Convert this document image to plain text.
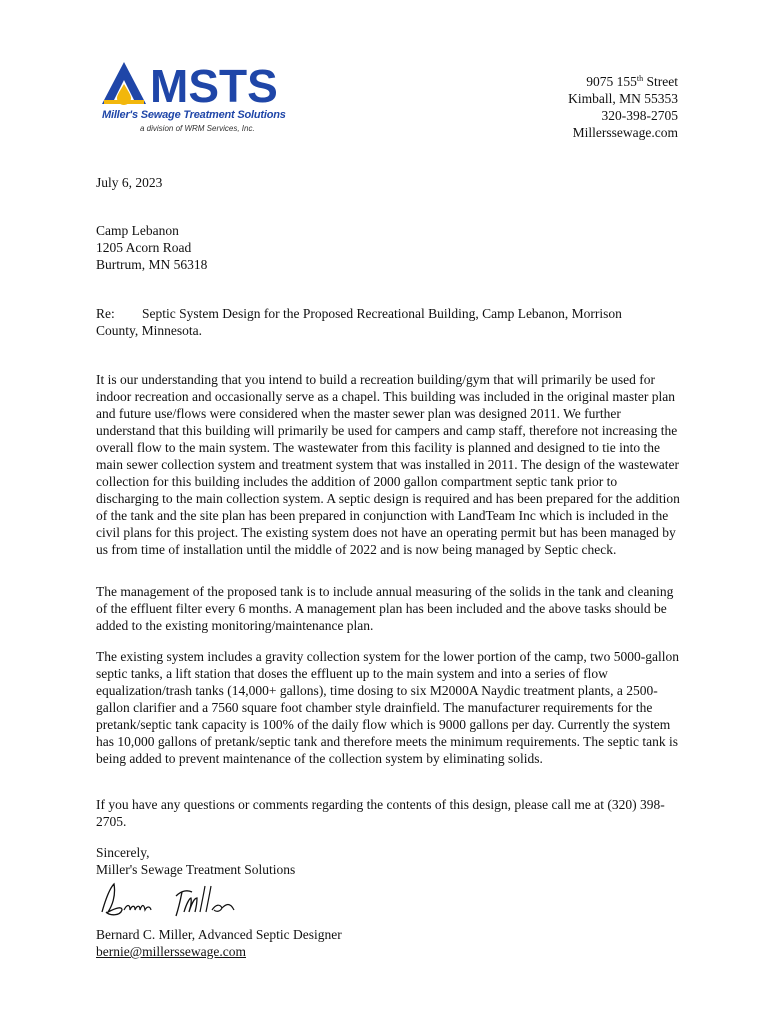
MSTS
Miller's Sewage Treatment Solutions
a division of WRM Services, Inc.
9075 155th Street
Kimball, MN 55353
320-398-2705
Millerssewage.com
July 6, 2023
Camp Lebanon
1205 Acorn Road
Burtrum, MN 56318
Re: Septic System Design for the Proposed Recreational Building, Camp Lebanon, Morrison
County, Minnesota.
It is our understanding that you intend to build a recreation building/gym that will primarily be used for indoor recreation and occasionally serve as a chapel. This building was included in the original master plan and future use/flows were considered when the master sewer plan was designed 2011. We further understand that this building will primarily be used for campers and camp staff, therefore not increasing the overall flow to the main system. The wastewater from this facility is planned and designed to tie into the main sewer collection system and treatment system that was installed in 2011. The design of the wastewater collection for this building includes the addition of 2000 gallon compartment septic tank prior to discharging to the main collection system. A septic design is required and has been prepared for the addition of the tank and the site plan has been prepared in conjunction with LandTeam Inc which is included in the civil plans for this project. The existing system does not have an operating permit but has been managed by us from time of installation until the middle of 2022 and is now being managed by Septic check.
The management of the proposed tank is to include annual measuring of the solids in the tank and cleaning of the effluent filter every 6 months. A management plan has been included and the above tasks should be added to the existing monitoring/maintenance plan.
The existing system includes a gravity collection system for the lower portion of the camp, two 5000-gallon septic tanks, a lift station that doses the effluent up to the main system and into a series of flow equalization/trash tanks (14,000+ gallons), time dosing to six M2000A Naydic treatment plants, a 2500-gallon clarifier and a 7560 square foot chamber style drainfield. The manufacturer requirements for the pretank/septic tank capacity is 100% of the daily flow which is 9000 gallons per day. Currently the system has 10,000 gallons of pretank/septic tank and therefore meets the minimum requirements. The septic tank is being added to prevent maintenance of the collection system by eliminating solids.
If you have any questions or comments regarding the contents of this design, please call me at (320) 398-2705.
Sincerely,
Miller's Sewage Treatment Solutions
Bernard C. Miller, Advanced Septic Designer
bernie@millerssewage.com
